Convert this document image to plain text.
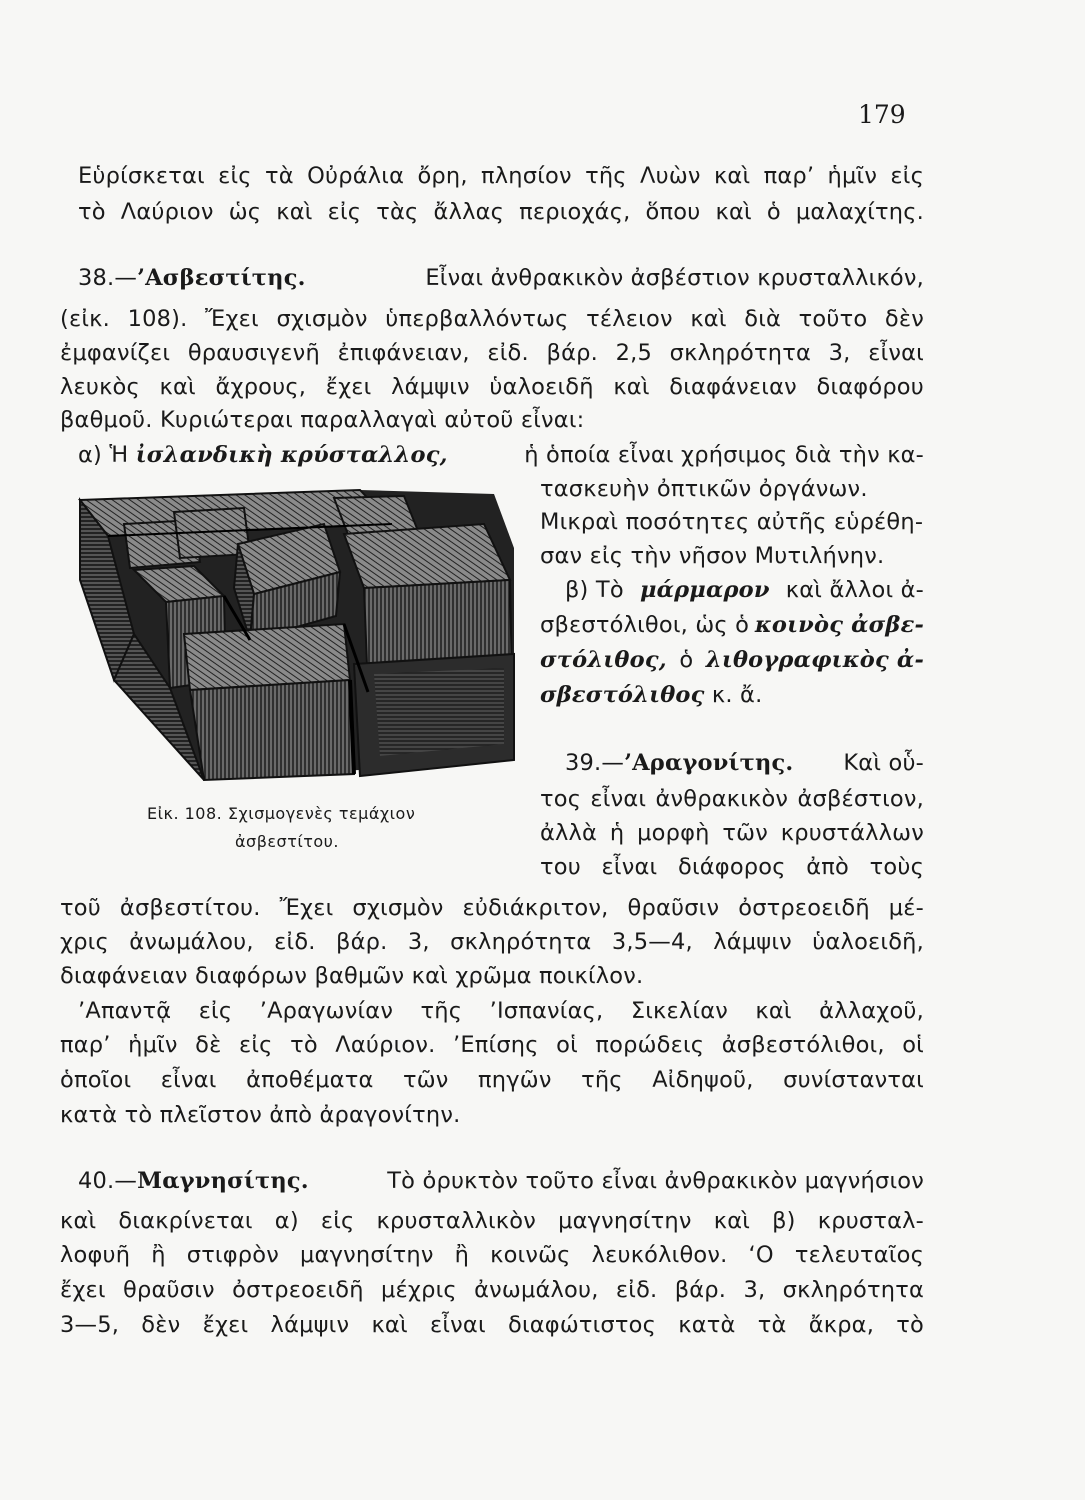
179
Εὑρίσκεται εἰς τὰ Οὐράλια ὄρη, πλησίον τῆς Λυὼν καὶ παρ’ ἡμῖν εἰς
τὸ Λαύριον ὡς καὶ εἰς τὰς ἄλλας περιοχάς, ὅπου καὶ ὁ μαλαχίτης.
38.—’Ασβεστίτης.	Εἶναι ἀνθρακικὸν ἀσβέστιον κρυσταλλικόν,
(εἰκ. 108). Ἔχει σχισμὸν ὑπερβαλλόντως τέλειον καὶ διὰ τοῦτο δὲν
ἐμφανίζει θραυσιγενῆ ἐπιφάνειαν, εἰδ. βάρ. 2,5 σκληρότητα 3, εἶναι
λευκὸς καὶ ἄχρους, ἔχει λάμψιν ὑαλοειδῆ καὶ διαφάνειαν διαφόρου
βαθμοῦ. Κυριώτεραι παραλλαγαὶ αὐτοῦ εἶναι:
α) Ἡ ἰσλανδικὴ κρύσταλλος,	ἡ ὁποία εἶναι χρήσιμος διὰ τὴν κα-
τασκευὴν ὀπτικῶν ὀργάνων.
Μικραὶ ποσότητες αὐτῆς εὑρέθη-
σαν εἰς τὴν νῆσον Μυτιλήνην.
β) Τὸ μάρμαρον καὶ ἄλλοι ἀ-
σβεστόλιθοι, ὡς ὁ κοινὸς ἀσβε-
στόλιθος, ὁ λιθογραφικὸς ἀ-
σβεστόλιθος κ. ἄ.
39.—’Αραγονίτης. Καὶ οὗ-
τος εἶναι ἀνθρακικὸν ἀσβέστιον,
ἀλλὰ ἡ μορφὴ τῶν κρυστάλλων
του εἶναι διάφορος ἀπὸ τοὺς
τοῦ ἀσβεστίτου. Ἔχει σχισμὸν εὐδιάκριτον, θραῦσιν ὀστρεοειδῆ μέ-
χρις ἀνωμάλου, εἰδ. βάρ. 3, σκληρότητα 3,5—4, λάμψιν ὑαλοειδῆ,
διαφάνειαν διαφόρων βαθμῶν καὶ χρῶμα ποικίλον.
’Απαντᾷ εἰς ’Αραγωνίαν τῆς ’Ισπανίας, Σικελίαν καὶ ἀλλαχοῦ,
παρ’ ἡμῖν δὲ εἰς τὸ Λαύριον. ’Επίσης οἱ πορώδεις ἀσβεστόλιθοι, οἱ
ὁποῖοι εἶναι ἀποθέματα τῶν πηγῶν τῆς Αἰδηψοῦ, συνίστανται
κατὰ τὸ πλεῖστον ἀπὸ ἀραγονίτην.
40.—Μαγνησίτης.	Τὸ ὀρυκτὸν τοῦτο εἶναι ἀνθρακικὸν μαγνήσιον
καὶ διακρίνεται α) εἰς κρυσταλλικὸν μαγνησίτην καὶ β) κρυσταλ-
λοφυῆ ἢ στιφρὸν μαγνησίτην ἢ κοινῶς λευκόλιθον. ‘Ο τελευταῖος
ἔχει θραῦσιν ὀστρεοειδῆ μέχρις ἀνωμάλου, εἰδ. βάρ. 3, σκληρότητα
3—5, δὲν ἔχει λάμψιν καὶ εἶναι διαφώτιστος κατὰ τὰ ἄκρα, τὸ
Εἰκ. 108. Σχισμογενὲς τεμάχιον
ἀσβεστίτου.
